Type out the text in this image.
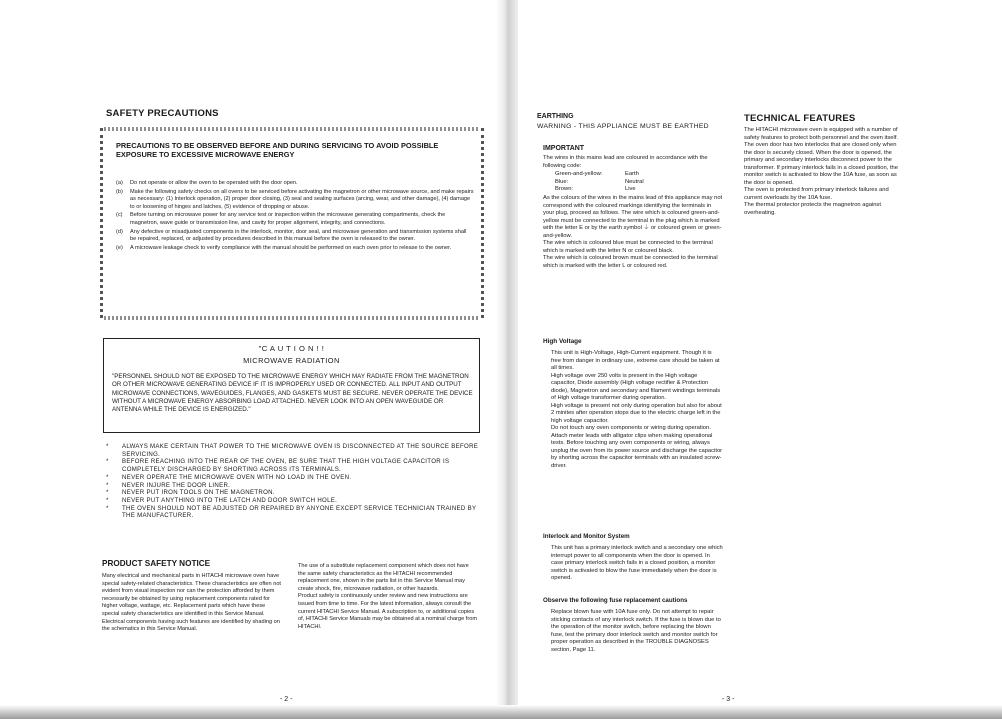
SAFETY PRECAUTIONS
PRECAUTIONS TO BE OBSERVED BEFORE AND DURING SERVICING TO AVOID POSSIBLE EXPOSURE TO EXCESSIVE MICROWAVE ENERGY
(a) Do not operate or allow the oven to be operated with the door open.
(b) Make the following safety checks on all ovens to be serviced before activating the magnetron or other microwave source, and make repairs as necessary: (1) Interlock operation, (2) proper door closing, (3) seal and sealing surfaces (arcing, wear, and other damage), (4) damage to or loosening of hinges and latches, (5) evidence of dropping or abuse.
(c) Before turning on microwave power for any service test or inspection within the microwave generating compartments, check the magnetron, wave guide or transmission line, and cavity for proper alignment, integrity, and connections.
(d) Any defective or misadjusted components in the interlock, monitor, door seal, and microwave generation and transmission systems shall be repaired, replaced, or adjusted by procedures described in this manual before the oven is released to the owner.
(e) A microwave leakage check to verify compliance with the manual should be performed on each oven prior to release to the owner.
"C A U T I O N ! !
MICROWAVE RADIATION
"PERSONNEL SHOULD NOT BE EXPOSED TO THE MICROWAVE ENERGY WHICH MAY RADIATE FROM THE MAGNETRON OR OTHER MICROWAVE GENERATING DEVICE IF IT IS IMPROPERLY USED OR CONNECTED. ALL INPUT AND OUTPUT MICROWAVE CONNECTIONS, WAVEGUIDES, FLANGES, AND GASKETS MUST BE SECURE. NEVER OPERATE THE DEVICE WITHOUT A MICROWAVE ENERGY ABSORBING LOAD ATTACHED. NEVER LOOK INTO AN OPEN WAVEGUIDE OR ANTENNA WHILE THE DEVICE IS ENERGIZED."
* ALWAYS MAKE CERTAIN THAT POWER TO THE MICROWAVE OVEN IS DISCONNECTED AT THE SOURCE BEFORE SERVICING.
* BEFORE REACHING INTO THE REAR OF THE OVEN, BE SURE THAT THE HIGH VOLTAGE CAPACITOR IS COMPLETELY DISCHARGED BY SHORTING ACROSS ITS TERMINALS.
* NEVER OPERATE THE MICROWAVE OVEN WITH NO LOAD IN THE OVEN.
* NEVER INJURE THE DOOR LINER.
* NEVER PUT IRON TOOLS ON THE MAGNETRON.
* NEVER PUT ANYTHING INTO THE LATCH AND DOOR SWITCH HOLE.
* THE OVEN SHOULD NOT BE ADJUSTED OR REPAIRED BY ANYONE EXCEPT SERVICE TECHNICIAN TRAINED BY THE MANUFACTURER.
PRODUCT SAFETY NOTICE
Many electrical and mechanical parts in HITACHI microwave oven have special safety-related characteristics. These characteristics are often not evident from visual inspection nor can the protection afforded by them necessarily be obtained by using replacement components rated for higher voltage, wattage, etc. Replacement parts which have these special safety characteristics are identified in this Service Manual.
Electrical components having such features are identified by shading on the schematics in this Service Manual.
The use of a substitute replacement component which does not have the same safety characteristics as the HITACHI recommended replacement one, shown in the parts list in this Service Manual may create shock, fire, microwave radiation, or other hazards.
Product safety is continuously under review and new instructions are issued from time to time. For the latest information, always consult the current HITACHI Service Manual. A subscription to, or additional copies of, HITACHI Service Manuals may be obtained at a nominal charge from HITACHI.
- 2 -
EARTHING
WARNING - THIS APPLIANCE MUST BE EARTHED
IMPORTANT
The wires in this mains lead are coloured in accordance with the following code:
Green-and-yellow:	Earth
Blue:	Neutral
Brown:	Live
As the colours of the wires in the mains lead of this appliance may not correspond with the coloured markings identifying the terminals in your plug, proceed as follows. The wire which is coloured green-and-yellow must be connected to the terminal in the plug which is marked with the letter E or by the earth symbol ⏚ or coloured green or green-and-yellow.
The wire which is coloured blue must be connected to the terminal which is marked with the letter N or coloured black.
The wire which is coloured brown must be connected to the terminal which is marked with the letter L or coloured red.
High Voltage
This unit is High-Voltage, High-Current equipment. Though it is free from danger in ordinary use, extreme care should be taken at all times.
High voltage over 250 volts is present in the High voltage capacitor, Diode assembly (High voltage rectifier & Protection diode), Magnetron and secondary and filament windings terminals of High voltage transformer during operation.
High voltage is present not only during operation but also for about 2 minites after operation stops due to the electric charge left in the high voltage capacitor.
Do not touch any oven components or wiring during operation. Attach meter leads with alligator clips when making operational tests. Before touching any oven components or wiring, always unplug the oven from its power source and discharge the capacitor by shorting across the capacitor terminals with an insulated screw-driver.
Interlock and Monitor System
This unit has a primary interlock switch and a secondary one which interrupt power to all components when the door is opened. In case primary interlock switch fails in a closed position, a monitor switch is activated to blow the fuse immediately when the door is opened.
Observe the following fuse replacement cautions
Replace blown fuse with 10A fuse only. Do not attempt to repair sticking contacts of any interlock switch. If the fuse is blown due to the operation of the monitor switch, before replacing the blown fuse, test the primary door interlock switch and monitor switch for proper operation as described in the TROUBLE DIAGNOSES section, Page 11.
- 3 -
TECHNICAL FEATURES
The HITACHI microwave oven is equipped with a number of safety features to protect both personnel and the oven itself.
The oven door has two interlocks that are closed only when the door is securely closed. When the door is opened, the primary and secondary interlocks disconnect power to the transformer. If primary interlock fails in a closed position, the monitor switch is activated to blow the 10A fuse, as soon as the door is opened.
The oven is protected from primary interlock failures and current overloads by the 10A fuse.
The thermal protector protects the magnetron against overheating.
